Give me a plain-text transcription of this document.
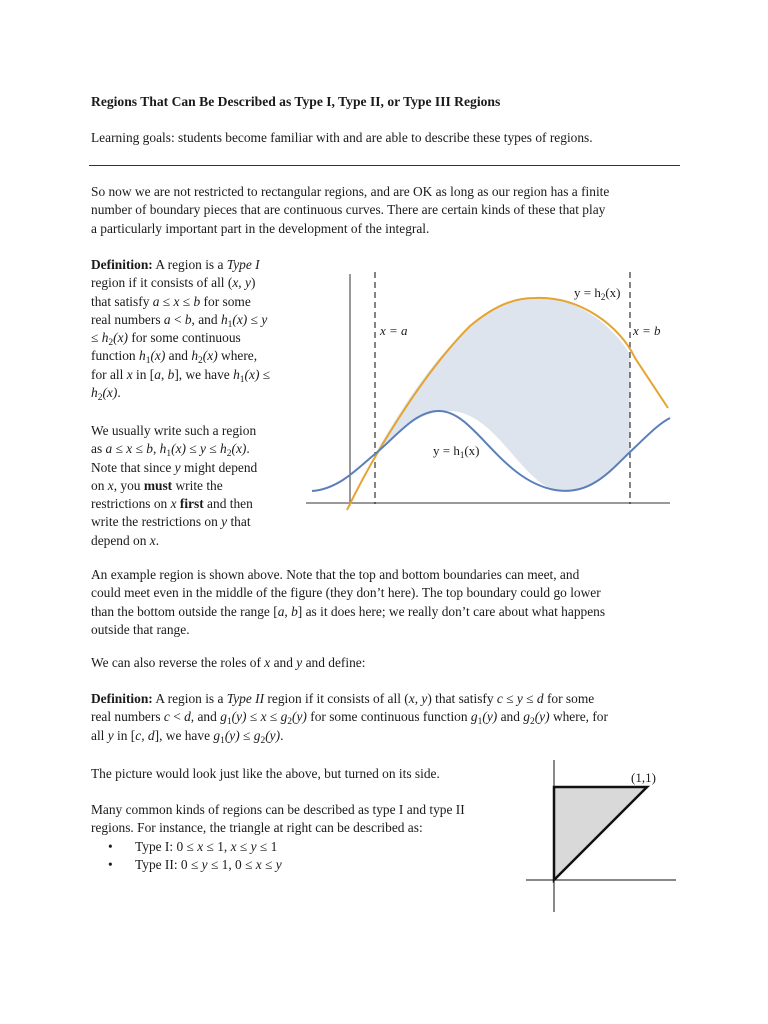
Regions That Can Be Described as Type I, Type II, or Type III Regions
Learning goals: students become familiar with and are able to describe these types of regions.
So now we are not restricted to rectangular regions, and are OK as long as our region has a finite
number of boundary pieces that are continuous curves. There are certain kinds of these that play
a particularly important part in the development of the integral.
Definition: A region is a Type I
region if it consists of all (x, y)
that satisfy a ≤ x ≤ b for some
real numbers a < b, and $h_1(x) \le y$
≤ $h_2(x)$ for some continuous
function $h_1(x)$ and $h_2(x)$ where,
for all x in [a, b], we have $h_1(x)$ ≤
$h_2(x)$.
We usually write such a region
as a ≤ x ≤ b, $h_1(x) \le y \le h_2(x)$.
Note that since y might depend
on x, you must write the
restrictions on x first and then
write the restrictions on y that
depend on x.
$y = h_2(x)$
$y = h_1(x)$
x = a	x = b
An example region is shown above. Note that the top and bottom boundaries can meet, and
could meet even in the middle of the figure (they don’t here). The top boundary could go lower
than the bottom outside the range [a, b] as it does here; we really don’t care about what happens
outside that range.
We can also reverse the roles of x and y and define:
Definition: A region is a Type II region if it consists of all (x, y) that satisfy c ≤ y ≤ d for some
real numbers c < d, and $g_1(y) \le x \le g_2(y)$ for some continuous function $g_1(y)$ and $g_2(y)$ where, for
all y in [c, d], we have $g_1(y) \le g_2(y)$.
The picture would look just like the above, but turned on its side.
Many common kinds of regions can be described as type I and type II
regions. For instance, the triangle at right can be described as:
• Type I: 0 ≤ x ≤ 1, x ≤ y ≤ 1
• Type II: 0 ≤ y ≤ 1, 0 ≤ x ≤ y
(1,1)
